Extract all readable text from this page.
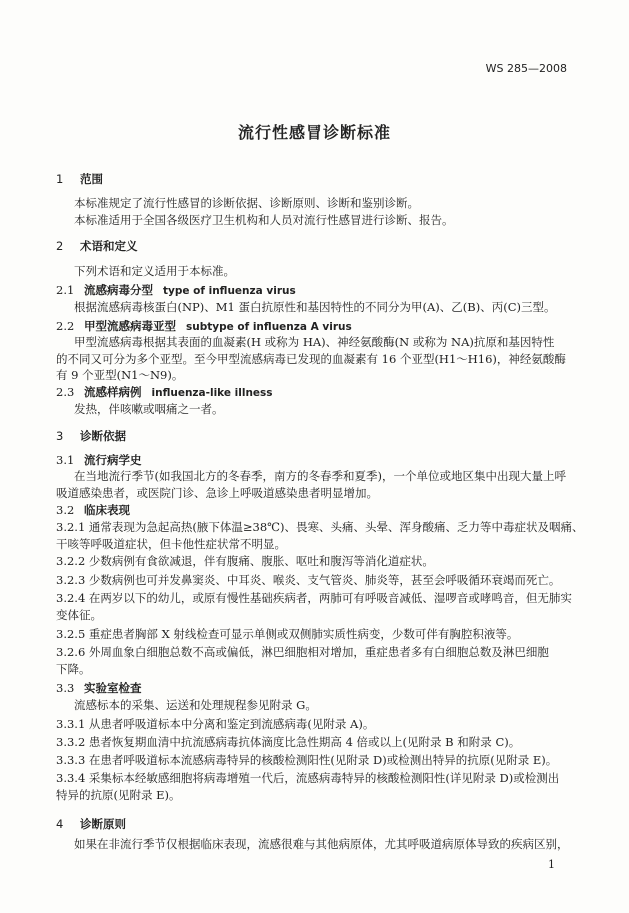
WS 285—2008
流行性感冒诊断标准
1 范围
本标准规定了流行性感冒的诊断依据、诊断原则、诊断和鉴别诊断。
本标准适用于全国各级医疗卫生机构和人员对流行性感冒进行诊断、报告。
2 术语和定义
下列术语和定义适用于本标准。
2.1 流感病毒分型 type of influenza virus
根据流感病毒核蛋白(NP)、M1 蛋白抗原性和基因特性的不同分为甲(A)、乙(B)、丙(C)三型。
2.2 甲型流感病毒亚型 subtype of influenza A virus
甲型流感病毒根据其表面的血凝素(H 或称为 HA)、神经氨酸酶(N 或称为 NA)抗原和基因特性
的不同又可分为多个亚型。至今甲型流感病毒已发现的血凝素有 16 个亚型(H1～H16)，神经氨酸酶
有 9 个亚型(N1～N9)。
2.3 流感样病例 influenza-like illness
发热，伴咳嗽或咽痛之一者。
3 诊断依据
3.1 流行病学史
在当地流行季节(如我国北方的冬春季，南方的冬春季和夏季)，一个单位或地区集中出现大量上呼
吸道感染患者，或医院门诊、急诊上呼吸道感染患者明显增加。
3.2 临床表现
3.2.1 通常表现为急起高热(腋下体温≥38℃)、畏寒、头痛、头晕、浑身酸痛、乏力等中毒症状及咽痛、
干咳等呼吸道症状，但卡他性症状常不明显。
3.2.2 少数病例有食欲减退，伴有腹痛、腹胀、呕吐和腹泻等消化道症状。
3.2.3 少数病例也可并发鼻窦炎、中耳炎、喉炎、支气管炎、肺炎等，甚至会呼吸循环衰竭而死亡。
3.2.4 在两岁以下的幼儿，或原有慢性基础疾病者，两肺可有呼吸音减低、湿啰音或哮鸣音，但无肺实
变体征。
3.2.5 重症患者胸部 X 射线检查可显示单侧或双侧肺实质性病变，少数可伴有胸腔积液等。
3.2.6 外周血象白细胞总数不高或偏低，淋巴细胞相对增加，重症患者多有白细胞总数及淋巴细胞
下降。
3.3 实验室检查
流感标本的采集、运送和处理规程参见附录 G。
3.3.1 从患者呼吸道标本中分离和鉴定到流感病毒(见附录 A)。
3.3.2 患者恢复期血清中抗流感病毒抗体滴度比急性期高 4 倍或以上(见附录 B 和附录 C)。
3.3.3 在患者呼吸道标本流感病毒特异的核酸检测阳性(见附录 D)或检测出特异的抗原(见附录 E)。
3.3.4 采集标本经敏感细胞将病毒增殖一代后，流感病毒特异的核酸检测阳性(详见附录 D)或检测出
特异的抗原(见附录 E)。
4 诊断原则
如果在非流行季节仅根据临床表现，流感很难与其他病原体，尤其呼吸道病原体导致的疾病区别，
1
